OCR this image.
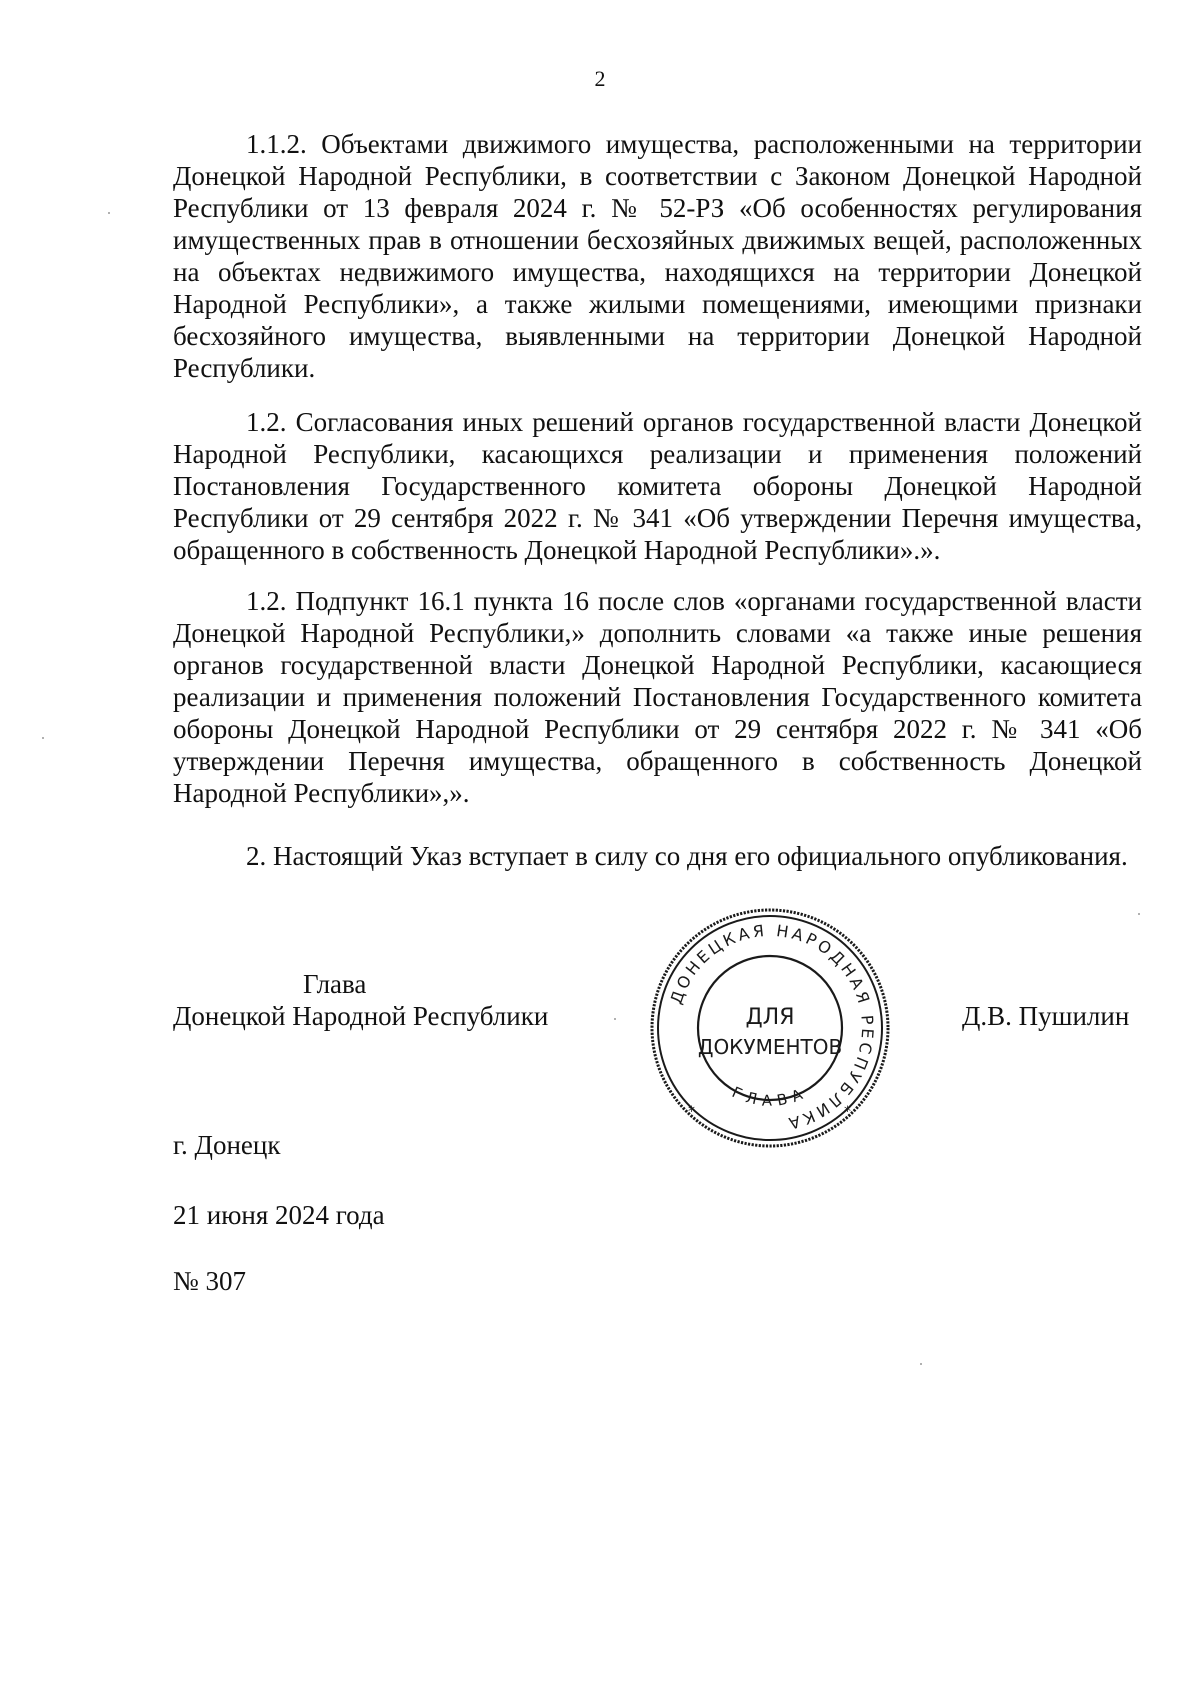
2

1.1.2. Объектами движимого имущества, расположенными на территории Донецкой Народной Республики, в соответствии с Законом Донецкой Народной Республики от 13 февраля 2024 г. № 52-РЗ «Об особенностях регулирования имущественных прав в отношении бесхозяйных движимых вещей, расположенных на объектах недвижимого имущества, находящихся на территории Донецкой Народной Республики», а также жилыми помещениями, имеющими признаки бесхозяйного имущества, выявленными на территории Донецкой Народной Республики.

1.2. Согласования иных решений органов государственной власти Донецкой Народной Республики, касающихся реализации и применения положений Постановления Государственного комитета обороны Донецкой Народной Республики от 29 сентября 2022 г. № 341 «Об утверждении Перечня имущества, обращенного в собственность Донецкой Народной Республики».».

1.2. Подпункт 16.1 пункта 16 после слов «органами государственной власти Донецкой Народной Республики,» дополнить словами «а также иные решения органов государственной власти Донецкой Народной Республики, касающиеся реализации и применения положений Постановления Государственного комитета обороны Донецкой Народной Республики от 29 сентября 2022 г. № 341 «Об утверждении Перечня имущества, обращенного в собственность Донецкой Народной Республики»,».

2. Настоящий Указ вступает в силу со дня его официального опубликования.

Глава
Донецкой Народной Республики	Д.В. Пушилин
ДОНЕЦКАЯ НАРОДНАЯ РЕСПУБЛИКА
ГЛАВА
*	*
ДЛЯ
ДОКУМЕНТОВ
г. Донецк
21 июня 2024 года
№ 307
